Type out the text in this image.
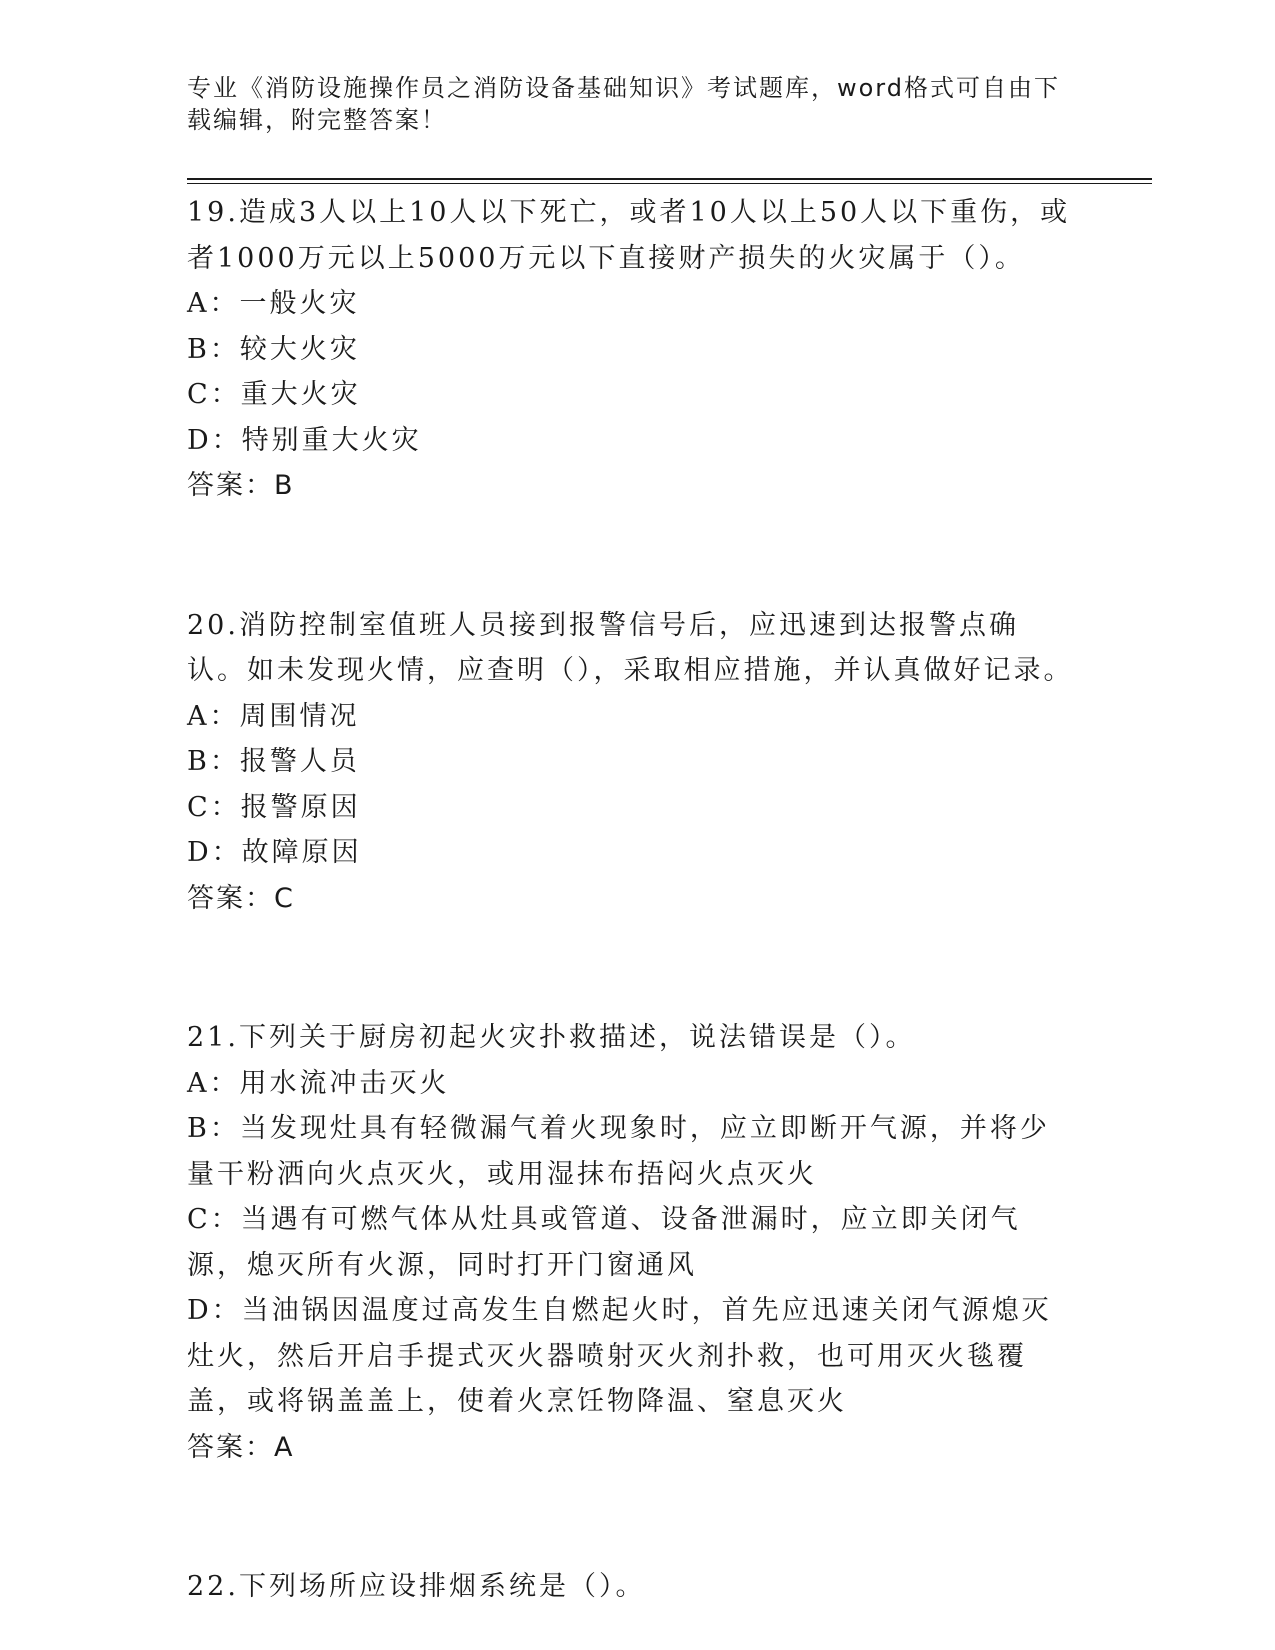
专业《消防设施操作员之消防设备基础知识》考试题库，word格式可自由下载编辑，附完整答案！

19.造成3人以上10人以下死亡，或者10人以上50人以下重伤，或者1000万元以上5000万元以下直接财产损失的火灾属于（）。

A：一般火灾

B：较大火灾

C：重大火灾

D：特别重大火灾

答案：B

20.消防控制室值班人员接到报警信号后，应迅速到达报警点确认。如未发现火情，应查明（），采取相应措施，并认真做好记录。

A：周围情况

B：报警人员

C：报警原因

D：故障原因

答案：C

21.下列关于厨房初起火灾扑救描述，说法错误是（）。

A：用水流冲击灭火

B：当发现灶具有轻微漏气着火现象时，应立即断开气源，并将少量干粉洒向火点灭火，或用湿抹布捂闷火点灭火

C：当遇有可燃气体从灶具或管道、设备泄漏时，应立即关闭气源，熄灭所有火源，同时打开门窗通风

D：当油锅因温度过高发生自燃起火时，首先应迅速关闭气源熄灭灶火，然后开启手提式灭火器喷射灭火剂扑救，也可用灭火毯覆盖，或将锅盖盖上，使着火烹饪物降温、窒息灭火

答案：A

22.下列场所应设排烟系统是（）。
